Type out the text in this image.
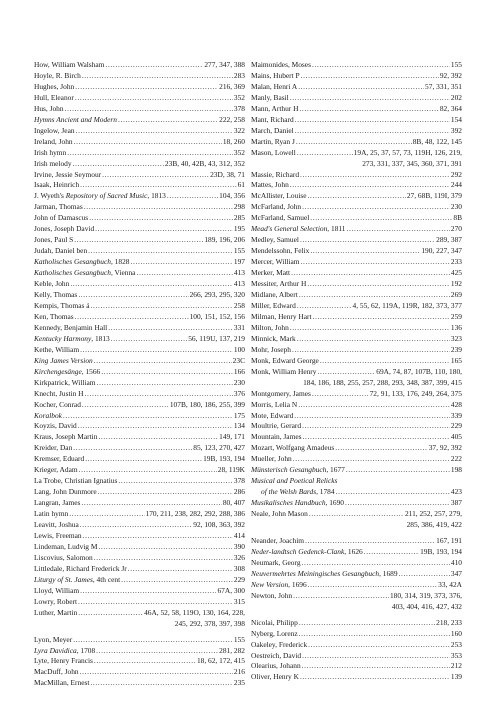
How, William Walsham . . .	277, 347, 388
Hoyle, R. Birch . . .	283
Hughes, John . . .	216, 369
Hull, Eleanor . . .	352
Hus, John . . .	378
Hymns Ancient and Modern . . .	222, 258
Ingelow, Jean . . .	322
Ireland, John . . .	18, 260
Irish hymn . . .	352
Irish melody . . .	23B, 40, 42B, 43, 312, 352
Irvine, Jessie Seymour . . .	23D, 38, 71
Isaak, Heinrich . . .	61
J. Wyeth's Repository of Sacred Music, 1813 . . .	104, 356
Jarman, Thomas . . .	298
John of Damascus . . .	285
Jones, Joseph David . . .	195
Jones, Paul S . . .	189, 196, 206
Judah, Daniel ben . . .	155
Katholisches Gesangbuch, 1828 . . .	197
Katholisches Gesangbuch, Vienna . . .	413
Keble, John . . .	413
Kelly, Thomas . . .	266, 293, 295, 320
Kempis, Thomas á . . .	258
Ken, Thomas . . .	100, 151, 152, 156
Kennedy, Benjamin Hall . . .	331
Kentucky Harmony, 1813 . . .	56, 119U, 137, 219
Kethe, William . . .	100
King James Version . . .	23C
Kirchengesänge, 1566 . . .	166
Kirkpatrick, William . . .	230
Knecht, Justin H . . .	376
Kocher, Conrad . . .	107B, 180, 186, 255, 399
Koralbok . . .	175
Koyzis, David . . .	134
Kraus, Joseph Martin . . .	149, 171
Kreider, Dan . . .	85, 123, 270, 427
Kremser, Eduard . . .	19B, 193, 194
Krieger, Adam . . .	28, 119K
La Trobe, Christian Ignatius . . .	378
Lang, John Dunmore . . .	286
Langran, James . . .	80, 407
Latin hymn . . .	170, 211, 238, 282, 292, 288, 386
Leavitt, Joshua . . .	92, 108, 363, 392
Lewis, Freeman . . .	414
Lindeman, Ludvig M . . .	390
Liscovius, Salomon . . .	326
Littledale, Richard Frederick Jr . . .	308
Liturgy of St. James, 4th cent . . .	229
Lloyd, William . . .	67A, 300
Lowry, Robert . . .	315
Luther, Martin . . .	46A, 52, 58, 119O, 130, 164, 228,
245, 292, 378, 397, 398
Lyon, Meyer . . .	155
Lyra Davidica, 1708 . . .	281, 282
Lyte, Henry Francis . . .	18, 62, 172, 415
MacDuff, John . . .	216
MacMillan, Ernest . . .	235
Maimonides, Moses . . .	155
Mains, Hubert P . . .	92, 392
Malan, Henri A . . .	57, 331, 351
Manly, Basil . . .	202
Mann, Arthur H . . .	82, 364
Mant, Richard . . .	154
March, Daniel . . .	392
Martin, Ryan J . . .	8B, 48, 122, 145
Mason, Lowell . . .	19A, 25, 37, 57, 73, 119H, 126, 219,
273, 331, 337, 345, 360, 371, 391
Massie, Richard . . .	292
Mattes, John . . .	244
McAllister, Louise . . .	27, 68B, 119I, 379
McFarland, John . . .	230
McFarland, Samuel . . .	8B
Mead's General Selection, 1811 . . .	270
Medley, Samuel . . .	289, 387
Mendelssohn, Felix . . .	190, 227, 347
Mercer, William . . .	233
Merker, Matt . . .	425
Messiter, Arthur H . . .	192
Midlane, Albert . . .	269
Miller, Edward . . .	4, 55, 62, 119A, 119R, 182, 373, 377
Milman, Henry Hart . . .	259
Milton, John . . .	136
Minnick, Mark . . .	323
Mohr, Joseph . . .	239
Monk, Edward George . . .	165
Monk, William Henry . . .	69A, 74, 87, 107B, 110, 180,
184, 186, 188, 255, 257, 288, 293, 348, 387, 399, 415
Montgomery, James . . .	72, 91, 133, 176, 249, 264, 375
Morris, Lelia N . . .	428
Mote, Edward . . .	339
Moultrie, Gerard . . .	229
Mountain, James . . .	405
Mozart, Wolfgang Amadeus . . .	37, 92, 392
Mueller, John . . .	222
Münsterisch Gesangbuch, 1677 . . .	198
Musical and Poetical Relicks
of the Welsh Bards, 1784 . . .	423
Musikalisches Handbuch, 1690 . . .	387
Neale, John Mason . . .	211, 252, 257, 279,
285, 386, 419, 422
Neander, Joachim . . .	167, 191
Neder-landtsch Gedenck-Clank, 1626 . . .	19B, 193, 194
Neumark, Georg . . .	410
Neuvermehrtes Meiningisches Gesangbuch, 1689 . . .	347
New Version, 1696 . . .	33, 42A
Newton, John . . .	180, 314, 319, 373, 376,
403, 404, 416, 427, 432
Nicolai, Philipp . . .	218, 233
Nyberg, Lorenz . . .	160
Oakeley, Frederick . . .	253
Oestreich, David . . .	353
Olearius, Johann . . .	212
Oliver, Henry K . . .	139
